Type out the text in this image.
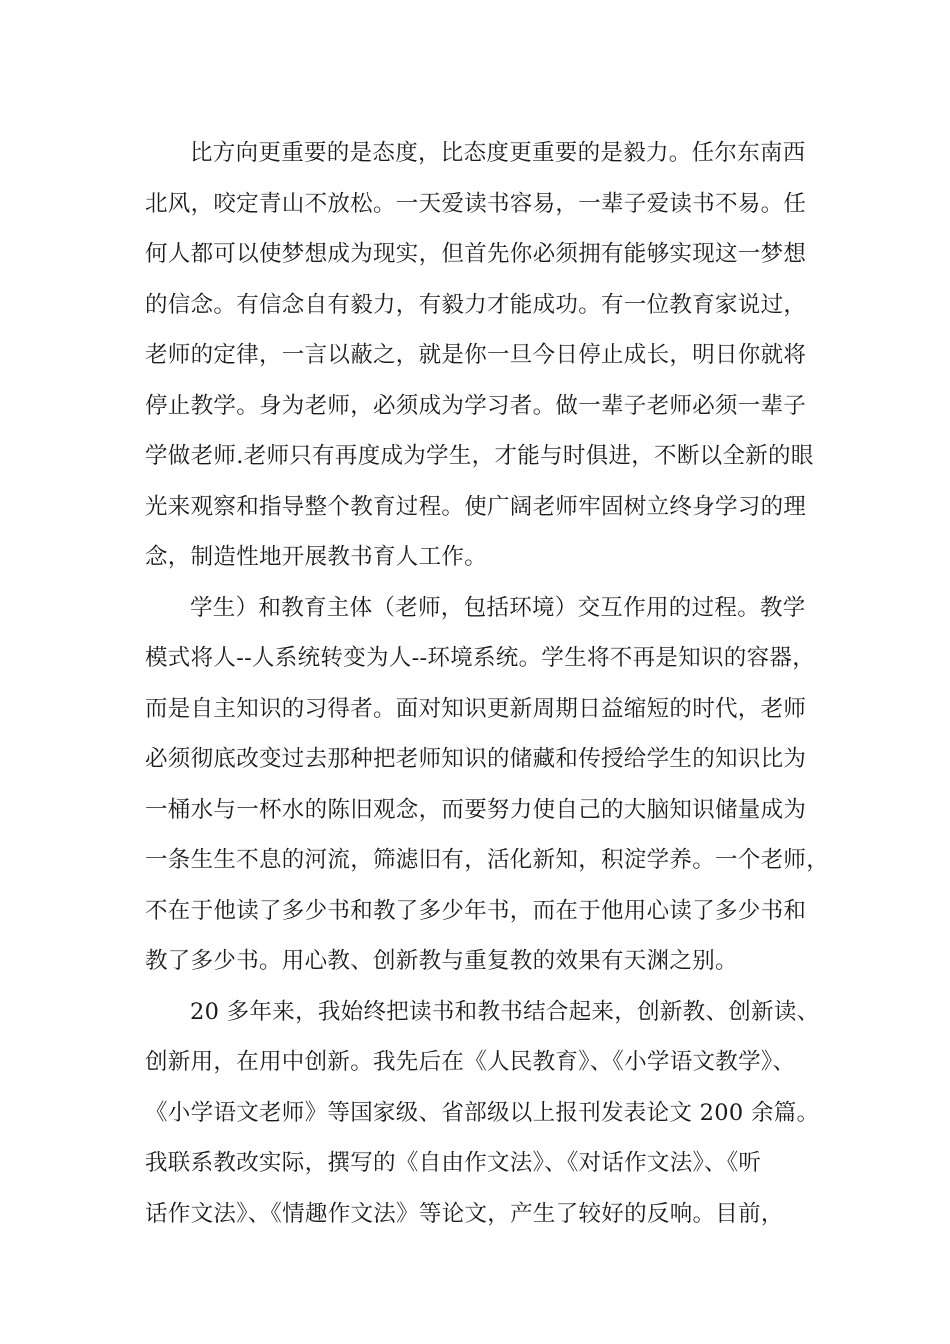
比方向更重要的是态度，比态度更重要的是毅力。任尔东南西
北风，咬定青山不放松。一天爱读书容易，一辈子爱读书不易。任
何人都可以使梦想成为现实，但首先你必须拥有能够实现这一梦想
的信念。有信念自有毅力，有毅力才能成功。有一位教育家说过，
老师的定律，一言以蔽之，就是你一旦今日停止成长，明日你就将
停止教学。身为老师，必须成为学习者。做一辈子老师必须一辈子
学做老师.老师只有再度成为学生，才能与时俱进，不断以全新的眼
光来观察和指导整个教育过程。使广阔老师牢固树立终身学习的理
念，制造性地开展教书育人工作。
学生）和教育主体（老师，包括环境）交互作用的过程。教学
模式将人--人系统转变为人--环境系统。学生将不再是知识的容器，
而是自主知识的习得者。面对知识更新周期日益缩短的时代，老师
必须彻底改变过去那种把老师知识的储藏和传授给学生的知识比为
一桶水与一杯水的陈旧观念，而要努力使自己的大脑知识储量成为
一条生生不息的河流，筛滤旧有，活化新知，积淀学养。一个老师，
不在于他读了多少书和教了多少年书，而在于他用心读了多少书和
教了多少书。用心教、创新教与重复教的效果有天渊之别。
20 多年来，我始终把读书和教书结合起来，创新教、创新读、
创新用，在用中创新。我先后在《人民教育》、《小学语文教学》、
《小学语文老师》等国家级、省部级以上报刊发表论文 200 余篇。
我联系教改实际，撰写的《自由作文法》、《对话作文法》、《听
话作文法》、《情趣作文法》等论文，产生了较好的反响。目前，
